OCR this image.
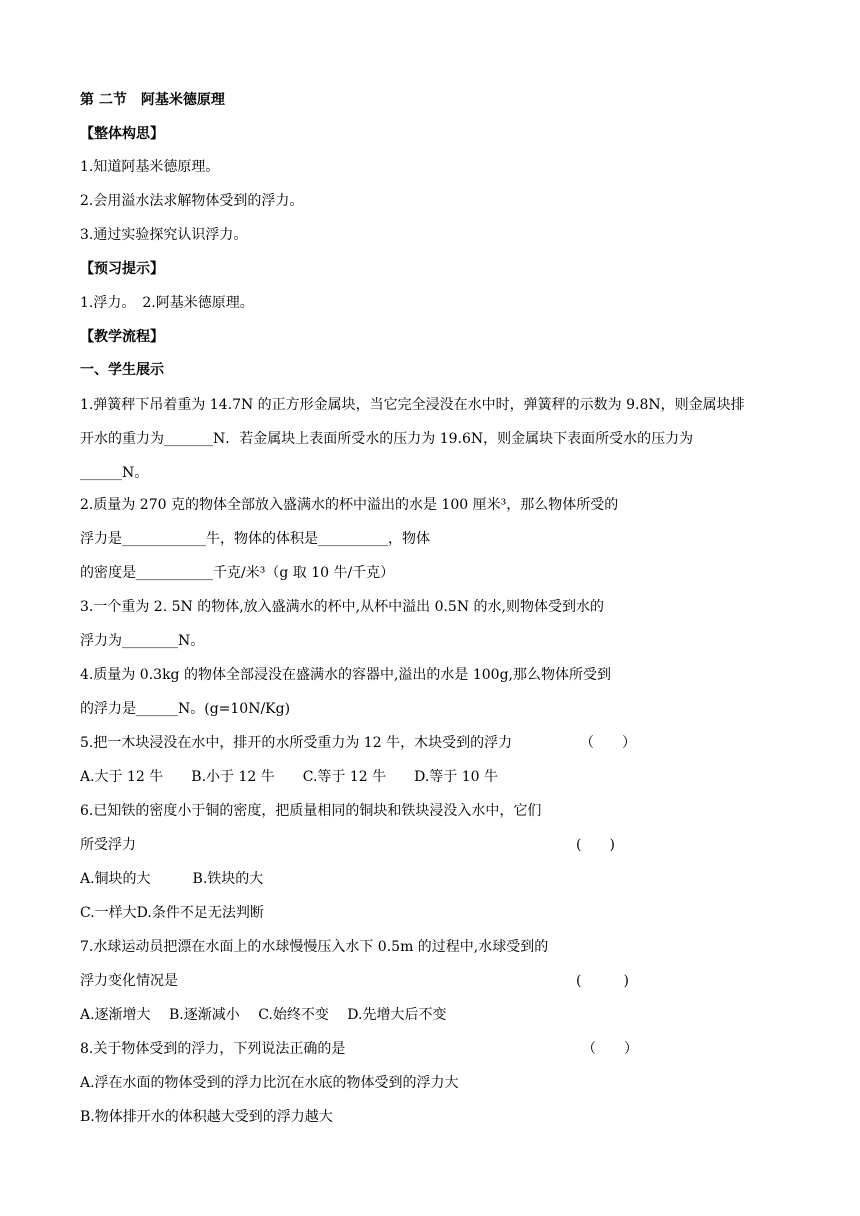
第 二节　阿基米德原理
【整体构思】
1.知道阿基米德原理。
2.会用溢水法求解物体受到的浮力。
3.通过实验探究认识浮力。
【预习提示】
1.浮力。　2.阿基米德原理。
【教学流程】
一、学生展示
1.弹簧秤下吊着重为 14.7N 的正方形金属块，当它完全浸没在水中时，弹簧秤的示数为 9.8N，则金属块排
开水的重力为_______N．若金属块上表面所受水的压力为 19.6N，则金属块下表面所受水的压力为
______N。
2.质量为 270 克的物体全部放入盛满水的杯中溢出的水是 100 厘米³，那么物体所受的
浮力是____________牛，物体的体积是__________，物体
的密度是___________千克/米³（g 取 10 牛/千克）
3.一个重为 2. 5N 的物体,放入盛满水的杯中,从杯中溢出 0.5N 的水,则物体受到水的
浮力为________N。
4.质量为 0.3kg 的物体全部浸没在盛满水的容器中,溢出的水是 100g,那么物体所受到
的浮力是______N。(g=10N/Kg)
5.把一木块浸没在水中，排开的水所受重力为 12 牛，木块受到的浮力	（　　）
A.大于 12 牛　　B.小于 12 牛　　C.等于 12 牛　　D.等于 10 牛
6.已知铁的密度小于铜的密度，把质量相同的铜块和铁块浸没入水中，它们
所受浮力	(　　)
A.铜块的大　　　B.铁块的大
C.一样大D.条件不足无法判断
7.水球运动员把漂在水面上的水球慢慢压入水下 0.5m 的过程中,水球受到的
浮力变化情况是	(　　　)
A.逐渐增大　 B.逐渐减小　 C.始终不变　 D.先增大后不变
8.关于物体受到的浮力，下列说法正确的是	（　　）
A.浮在水面的物体受到的浮力比沉在水底的物体受到的浮力大
B.物体排开水的体积越大受到的浮力越大
